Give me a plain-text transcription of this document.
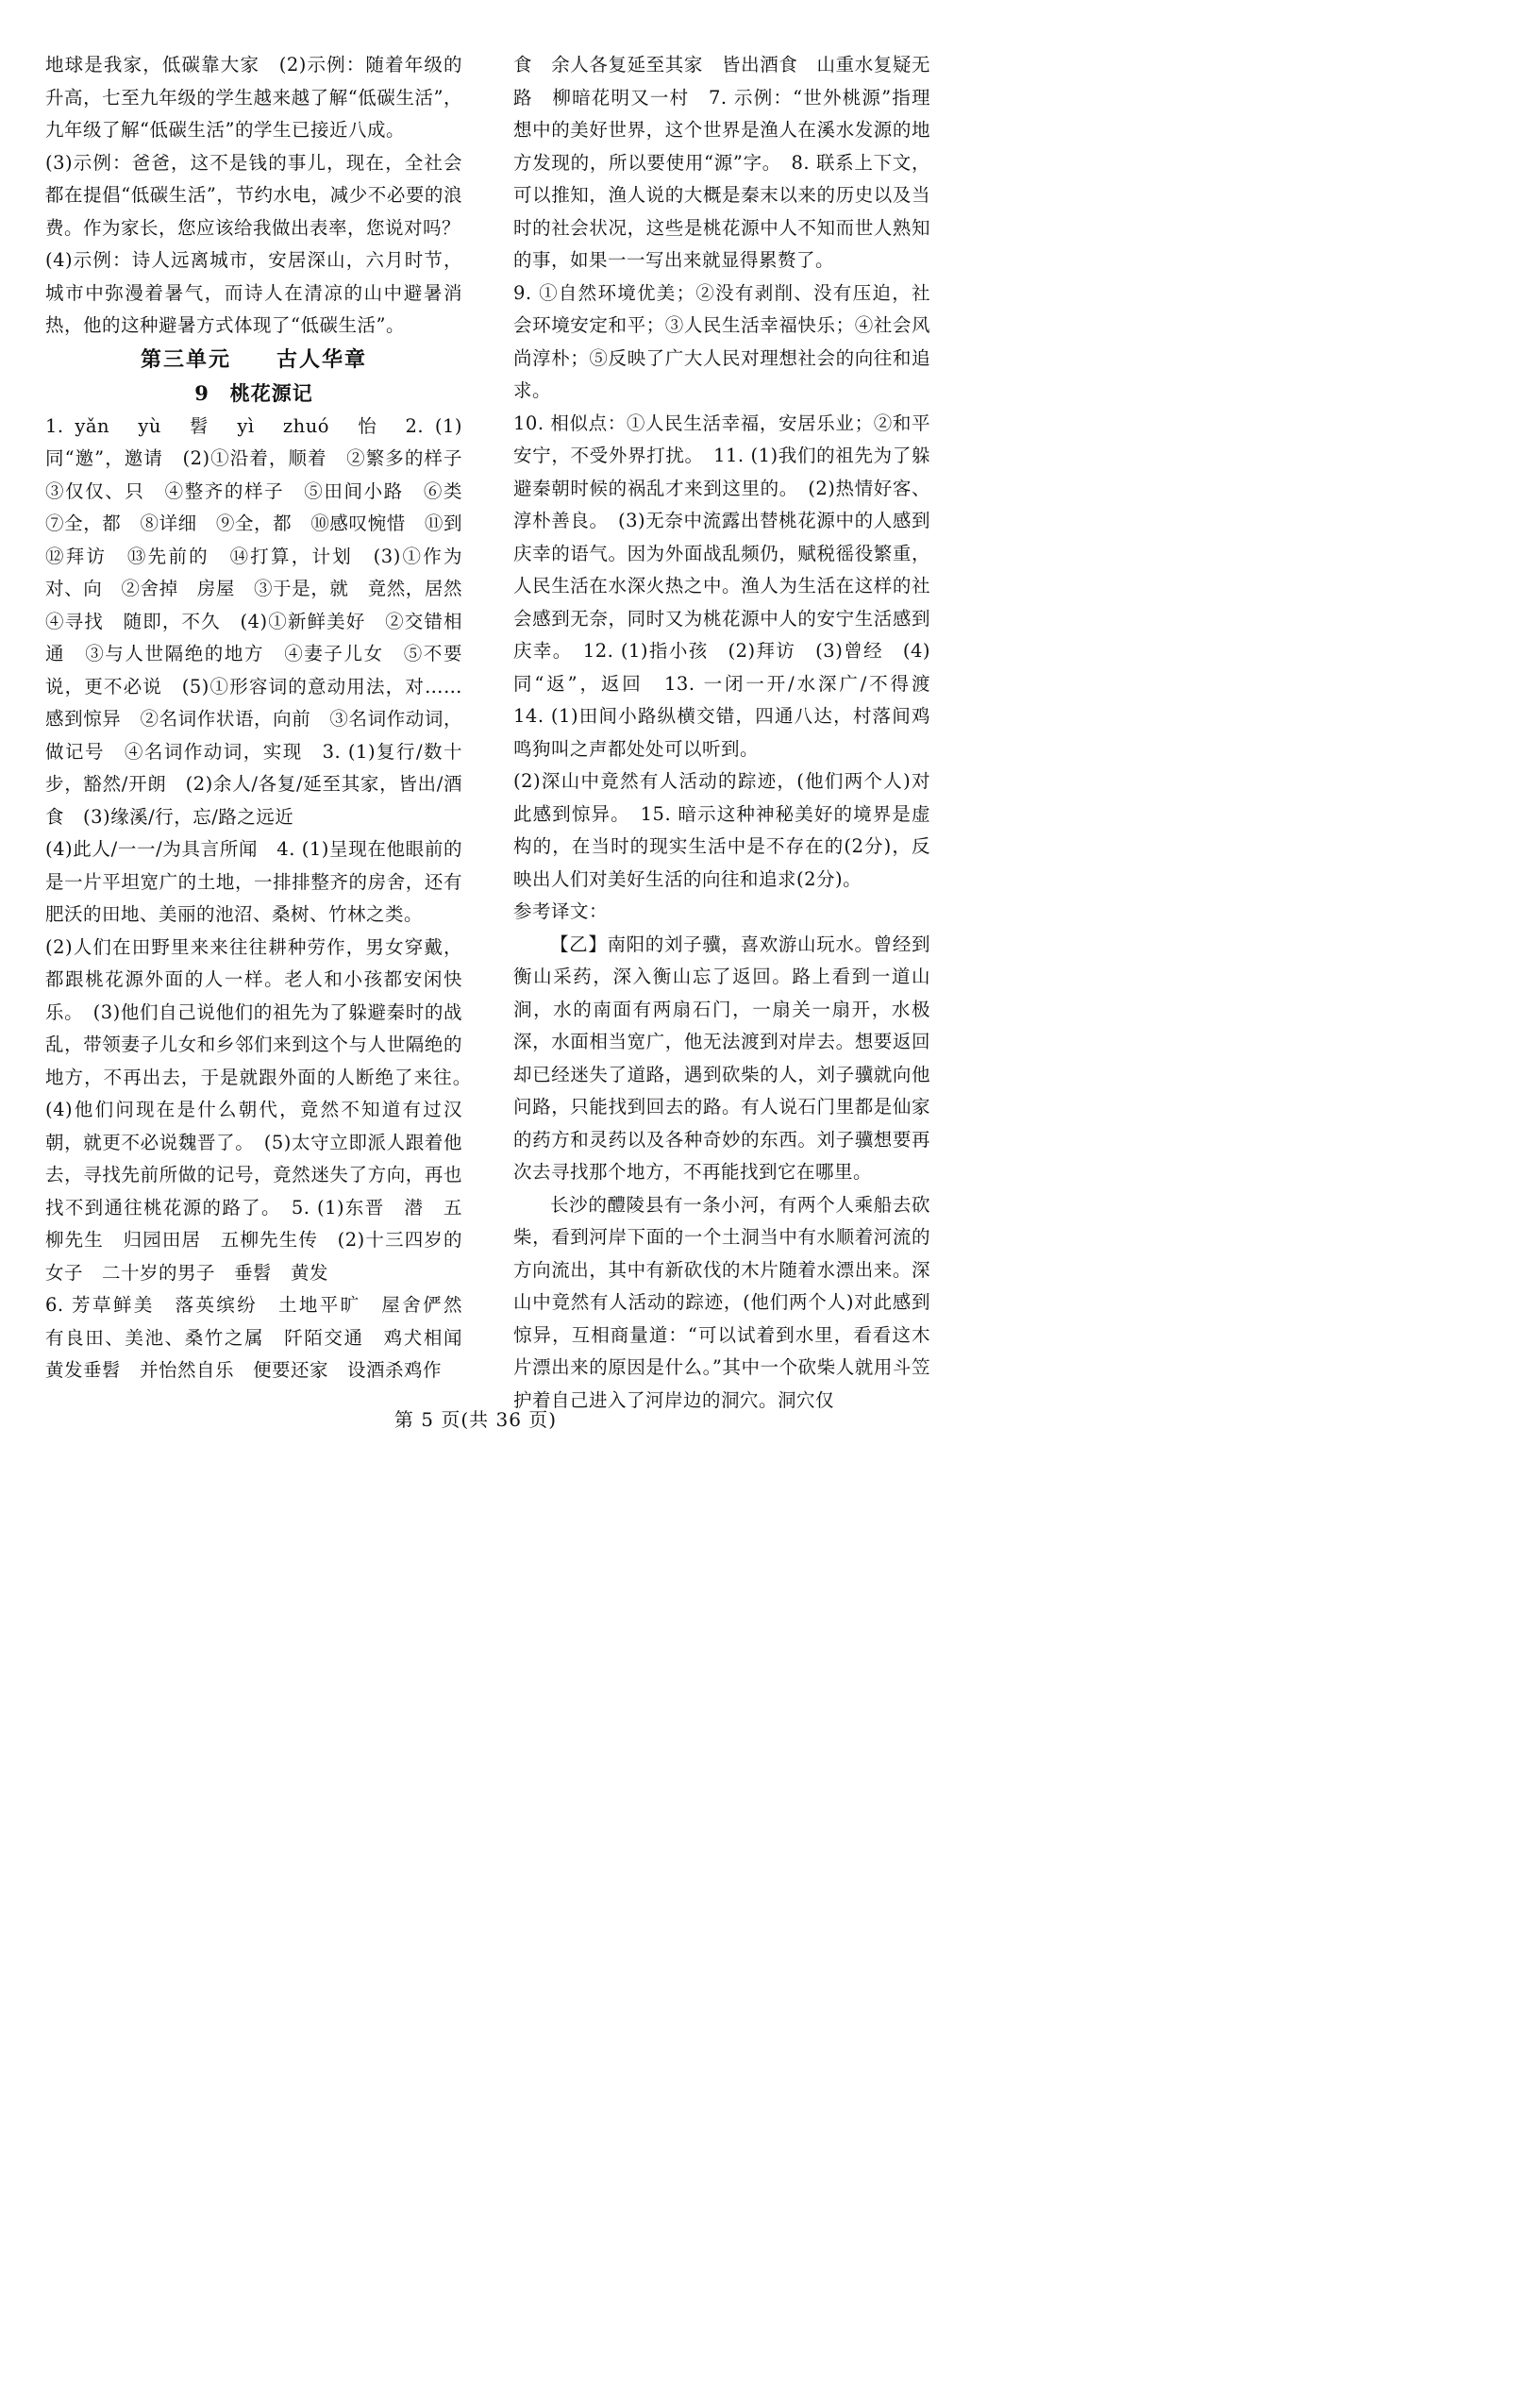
地球是我家，低碳靠大家　(2)示例：随着年级的升高，七至九年级的学生越来越了解“低碳生活”，九年级了解“低碳生活”的学生已接近八成。

(3)示例：爸爸，这不是钱的事儿，现在，全社会都在提倡“低碳生活”，节约水电，减少不必要的浪费。作为家长，您应该给我做出表率，您说对吗？

(4)示例：诗人远离城市，安居深山，六月时节，城市中弥漫着暑气，而诗人在清凉的山中避暑消热，他的这种避暑方式体现了“低碳生活”。

第三单元　　古人华章
9　桃花源记

1. yǎn　yù　髫　yì　zhuó　怡　2. (1)同“邀”，邀请　(2)①沿着，顺着　②繁多的样子　③仅仅、只　④整齐的样子　⑤田间小路　⑥类　⑦全，都　⑧详细　⑨全，都　⑩感叹惋惜　⑪到　⑫拜访　⑬先前的　⑭打算，计划　(3)①作为对、向　②舍掉　房屋　③于是，就　竟然，居然　④寻找　随即，不久　(4)①新鲜美好　②交错相通　③与人世隔绝的地方　④妻子儿女　⑤不要说，更不必说　(5)①形容词的意动用法，对……感到惊异　②名词作状语，向前　③名词作动词，做记号　④名词作动词，实现　3. (1)复行/数十步，豁然/开朗　(2)余人/各复/延至其家，皆出/酒食　(3)缘溪/行，忘/路之远近

(4)此人/一一/为具言所闻　4. (1)呈现在他眼前的是一片平坦宽广的土地，一排排整齐的房舍，还有肥沃的田地、美丽的池沼、桑树、竹林之类。

(2)人们在田野里来来往往耕种劳作，男女穿戴，都跟桃花源外面的人一样。老人和小孩都安闲快乐。　(3)他们自己说他们的祖先为了躲避秦时的战乱，带领妻子儿女和乡邻们来到这个与人世隔绝的地方，不再出去，于是就跟外面的人断绝了来往。　(4)他们问现在是什么朝代，竟然不知道有过汉朝，就更不必说魏晋了。　(5)太守立即派人跟着他去，寻找先前所做的记号，竟然迷失了方向，再也找不到通往桃花源的路了。　5. (1)东晋　潜　五柳先生　归园田居　五柳先生传　(2)十三四岁的女子　二十岁的男子　垂髫　黄发

6. 芳草鲜美　落英缤纷　土地平旷　屋舍俨然　有良田、美池、桑竹之属　阡陌交通　鸡犬相闻　黄发垂髫　并怡然自乐　便要还家　设酒杀鸡作

食　余人各复延至其家　皆出酒食　山重水复疑无路　柳暗花明又一村　7. 示例：“世外桃源”指理想中的美好世界，这个世界是渔人在溪水发源的地方发现的，所以要使用“源”字。　8. 联系上下文，可以推知，渔人说的大概是秦末以来的历史以及当时的社会状况，这些是桃花源中人不知而世人熟知的事，如果一一写出来就显得累赘了。

9. ①自然环境优美；②没有剥削、没有压迫，社会环境安定和平；③人民生活幸福快乐；④社会风尚淳朴；⑤反映了广大人民对理想社会的向往和追求。

10. 相似点：①人民生活幸福，安居乐业；②和平安宁，不受外界打扰。　11. (1)我们的祖先为了躲避秦朝时候的祸乱才来到这里的。　(2)热情好客、淳朴善良。　(3)无奈中流露出替桃花源中的人感到庆幸的语气。因为外面战乱频仍，赋税徭役繁重，人民生活在水深火热之中。渔人为生活在这样的社会感到无奈，同时又为桃花源中人的安宁生活感到庆幸。　12. (1)指小孩　(2)拜访　(3)曾经　(4)同“返”，返回　13. 一闭一开/水深广/不得渡　14. (1)田间小路纵横交错，四通八达，村落间鸡鸣狗叫之声都处处可以听到。

(2)深山中竟然有人活动的踪迹，(他们两个人)对此感到惊异。　15. 暗示这种神秘美好的境界是虚构的，在当时的现实生活中是不存在的(2分)，反映出人们对美好生活的向往和追求(2分)。

参考译文：

【乙】南阳的刘子骥，喜欢游山玩水。曾经到衡山采药，深入衡山忘了返回。路上看到一道山涧，水的南面有两扇石门，一扇关一扇开，水极深，水面相当宽广，他无法渡到对岸去。想要返回却已经迷失了道路，遇到砍柴的人，刘子骥就向他问路，只能找到回去的路。有人说石门里都是仙家的药方和灵药以及各种奇妙的东西。刘子骥想要再次去寻找那个地方，不再能找到它在哪里。

长沙的醴陵县有一条小河，有两个人乘船去砍柴，看到河岸下面的一个土洞当中有水顺着河流的方向流出，其中有新砍伐的木片随着水漂出来。深山中竟然有人活动的踪迹，(他们两个人)对此感到惊异，互相商量道：“可以试着到水里，看看这木片漂出来的原因是什么。”其中一个砍柴人就用斗笠护着自己进入了河岸边的洞穴。洞穴仅

第 5 页(共 36 页)
